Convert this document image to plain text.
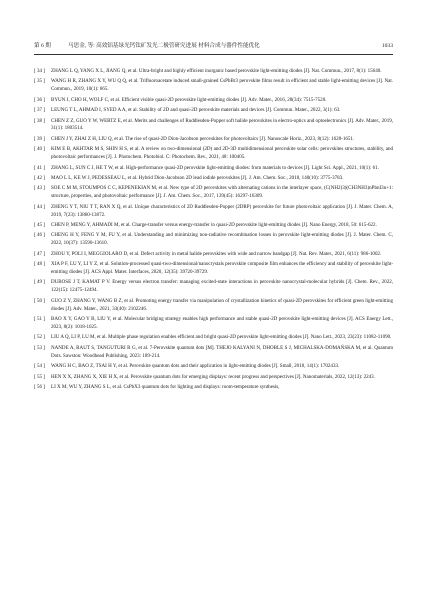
第 6 期	马思金, 等: 高效铝基绿光钙钛矿发光二极管研究进展 材料合成与器件性能优化	1033
[ 34 ] ZHANG L Q, YANG X L, JIANG Q, et al. Ultra-bright and highly efficient inorganic based perovskite light-emitting diodes [J]. Nat. Commun., 2017, 8(1): 15640.
[ 35 ] WANG H R, ZHANG X Y, WU Q Q, et al. Trifluoroacetate induced small-grained CsPbBr3 perovskite films result in efficient and stable light-emitting devices [J]. Nat. Commun., 2019, 10(1): 665.
[ 36 ] BYUN J, CHO H, WOLF C, et al. Efficient visible quasi-2D perovskite light-emitting diodes [J]. Adv. Mater., 2016, 28(34): 7515-7520.
[ 37 ] LEUNG T L, AHMAD I, SYED A A, et al. Stability of 2D and quasi-2D perovskite materials and devices [J]. Commun. Mater., 2022, 3(1): 63.
[ 38 ] CHEN Z Z, GUO Y W, WERTZ E, et al. Merits and challenges of Ruddlesden-Popper soft halide perovskites in electro-optics and optoelectronics [J]. Adv. Mater., 2019, 31(1): 1803514.
[ 39 ] CHEN J Y, ZHAI Z H, LIU Q, et al. The rise of quasi-2D Dion-Jacobson perovskites for photovoltaics [J]. Nanoscale Horiz., 2023, 8(12): 1628-1651.
[ 40 ] KIM E B, AKHTAR M S, SHIN H S, et al. A review on two-dimensional (2D) and 2D-3D multidimensional perovskite solar cells: perovskites structures, stability, and photovoltaic performances [J]. J. Photochem. Photobiol. C: Photochem. Rev., 2021, 48: 100405.
[ 41 ] ZHANG L, SUN C J, HE T W, et al. High-performance quasi-2D perovskite light-emitting diodes: from materials to devices [J]. Light Sci. Appl., 2021, 10(1): 61.
[ 42 ] MAO L L, KE W J, PEDESSEAU L, et al. Hybrid Dion-Jacobson 2D lead iodide perovskites [J]. J. Am. Chem. Soc., 2018, 140(10): 3775-3783.
[ 43 ] SOE C M M, STOUMPOS C C, KEPENEKIAN M, et al. New type of 2D perovskites with alternating cations in the interlayer space, (C(NH2)3)(CH3NH3)nPbnI3n+1: structure, properties, and photovoltaic performance [J]. J. Am. Chem. Soc., 2017, 139(45): 16297-16309.
[ 44 ] ZHENG Y T, NIU T T, RAN X Q, et al. Unique characteristics of 2D Ruddlesden-Popper (2DRP) perovskite for future photovoltaic application [J]. J. Mater. Chem. A, 2019, 7(23): 13860-13872.
[ 45 ] CHEN P, MENG Y, AHMADI M, et al. Charge-transfer versus energy-transfer in quasi-2D perovskite light-emitting diodes [J]. Nano Energy, 2018, 50: 615-622.
[ 46 ] CHENG H Y, FENG Y M, FU Y, et al. Understanding and minimizing non-radiative recombination losses in perovskite light-emitting diodes [J]. J. Mater. Chem. C, 2022, 10(37): 13590-13610.
[ 47 ] ZHOU Y, POLI I, MEGGIOLARO D, et al. Defect activity in metal halide perovskites with wide and narrow bandgap [J]. Nat. Rev. Mater., 2021, 6(11): 986-1002.
[ 48 ] XIA P F, LU Y, LI Y Z, et al. Solution-processed quasi-two-dimensional/nanocrystals perovskite composite film enhances the efficiency and stability of perovskite light-emitting diodes [J]. ACS Appl. Mater. Interfaces, 2020, 12(35): 39720-39729.
[ 49 ] DUBOSE J T, KAMAT P V. Energy versus electron transfer: managing excited-state interactions in perovskite nanocrystal-molecular hybrids [J]. Chem. Rev., 2022, 122(15): 12475-12494.
[ 50 ] GUO Z Y, ZHANG Y, WANG B Z, et al. Promoting energy transfer via manipulation of crystallization kinetics of quasi-2D perovskites for efficient green light-emitting diodes [J]. Adv. Mater., 2021, 33(40): 2102246.
[ 51 ] BAO X Y, GAO Y B, LIU Y, et al. Molecular bridging strategy enables high performance and stable quasi-2D perovskite light-emitting devices [J]. ACS Energy Lett., 2023, 8(2): 1018-1025.
[ 52 ] LIU A Q, LI P, LU M, et al. Multiple phase regulation enables efficient and bright quasi-2D perovskite light-emitting diodes [J]. Nano Lett., 2023, 23(23): 11082-11090.
[ 53 ] NANDE A, RAUT S, TANGUTURI R G, et al. 7-Perovskite quantum dots [M]. THEJO KALYANI N, DHOBLE S J, MICHALSKA-DOMAŃSKA M, et al. Quantum Dots. Sawston: Woodhead Publishing, 2023: 189-214.
[ 54 ] WANG H C, BAO Z, TSAI H Y, et al. Perovskite quantum dots and their application in light-emitting diodes [J]. Small, 2018, 14(1): 1702433.
[ 55 ] HEN X X, ZHANG X, XIE H X, et al. Perovskite quantum dots for emerging displays: recent progress and perspectives [J]. Nanomaterials, 2022, 12(13): 2243.
[ 56 ] LI X M, WU Y, ZHANG S L, et al. CsPbX3 quantum dots for lighting and displays: room-temperature synthesis,
